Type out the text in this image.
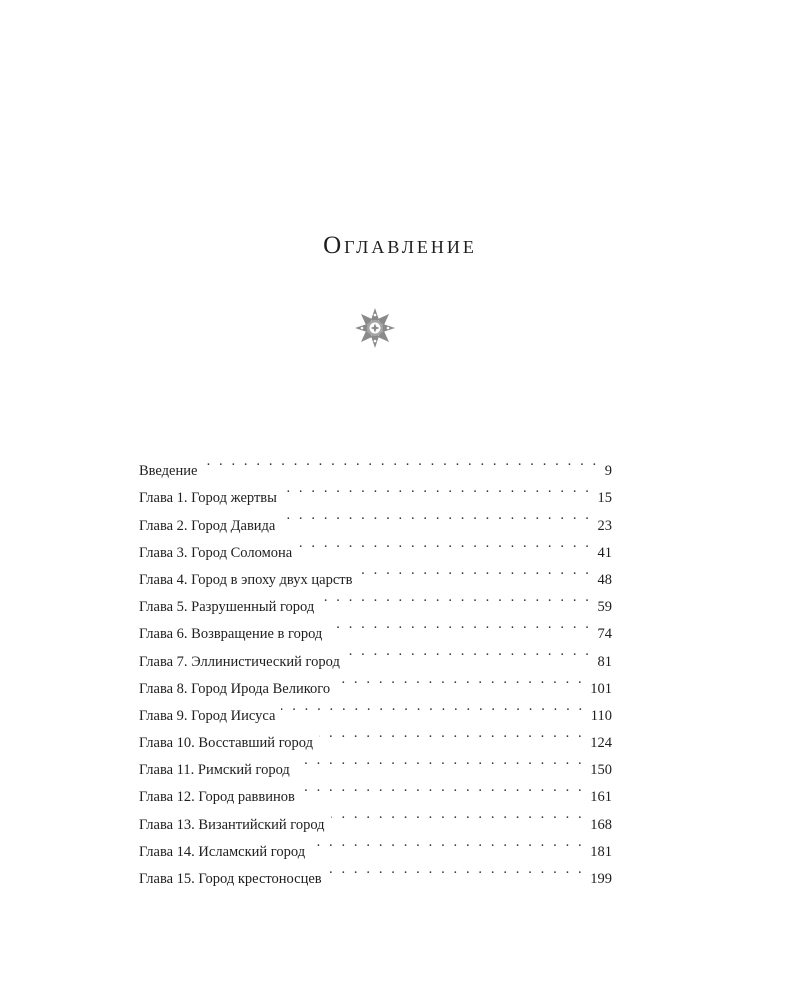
Оглавление
Введение . . .	9
Глава 1. Город жертвы . . .	15
Глава 2. Город Давида . . .	23
Глава 3. Город Соломона . . .	41
Глава 4. Город в эпоху двух царств . . .	48
Глава 5. Разрушенный город . . .	59
Глава 6. Возвращение в город . . .	74
Глава 7. Эллинистический город . . .	81
Глава 8. Город Ирода Великого . . .	101
Глава 9. Город Иисуса . . .	110
Глава 10. Восставший город . . .	124
Глава 11. Римский город . . .	150
Глава 12. Город раввинов . . .	161
Глава 13. Византийский город . . .	168
Глава 14. Исламский город . . .	181
Глава 15. Город крестоносцев . . .	199
